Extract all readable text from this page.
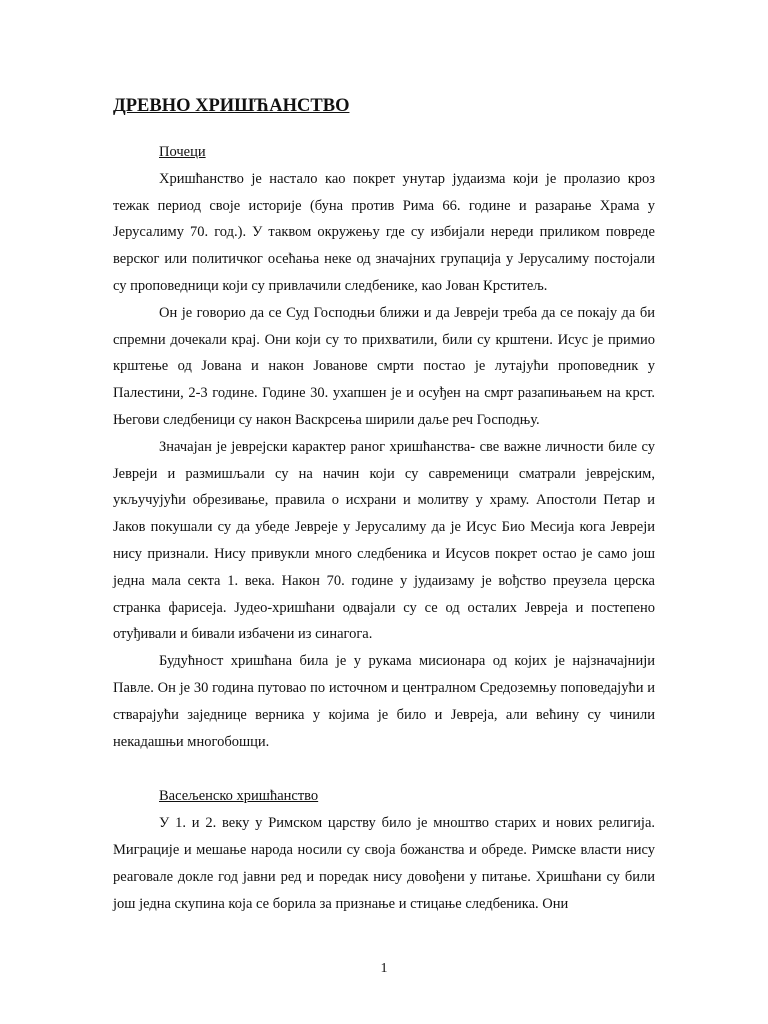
ДРЕВНО ХРИШЋАНСТВО
Почеци

Хришћанство је настало као покрет унутар јудаизма који је пролазио кроз тежак период своје историје (буна против Рима 66. године и разарање Храма у Јерусалиму 70. год.). У таквом окружењу где су избијали нереди приликом повреде верског или политичког осећања неке од значајних групација у Јерусалиму постојали су проповедници који су привлачили следбенике, као Јован Крститељ.

Он је говорио да се Суд Господњи ближи и да Јевреји треба да се покају да би спремни дочекали крај. Они који су то прихватили, били су крштени. Исус је примио крштење од Јована и након Јованове смрти постао је лутајући проповедник у Палестини, 2-3 године. Године 30. ухапшен је и осуђен на смрт разапињањем на крст. Његови следбеници су након Васкрсења ширили даље реч Господњу.

Значајан је јеврејски карактер раног хришћанства- све важне личности биле су Јевреји и размишљали су на начин који су савременици сматрали јеврејским, укључујући обрезивање, правила о исхрани и молитву у храму. Апостоли Петар и Јаков покушали су да убеде Јевреје у Јерусалиму да је Исус Био Месија кога Јевреји нису признали. Нису привукли много следбеника и Исусов покрет остао је само још једна мала секта 1. века. Након 70. године у јудаизаму је вођство преузела церска странка фарисеја. Јудео-хришћани одвајали су се од осталих Јевреја и постепено отуђивали и бивали избачени из синагога.

Будућност хришћана била је у рукама мисионара од којих је најзначајнији Павле. Он је 30 година путовао по источном и централном Средоземњу поповедајући и стварајући заједнице верника у којима је било и Јевреја, али већину су чинили некадашњи многобошци.

Васељенско хришћанство

У 1. и 2. веку у Римском царству било је мноштво старих и нових религија. Миграције и мешање народа носили су своја божанства и обреде. Римске власти нису реаговале докле год јавни ред и поредак нису довођени у питање. Хришћани су били још једна скупина која се борила за признање и стицање следбеника. Они

1
